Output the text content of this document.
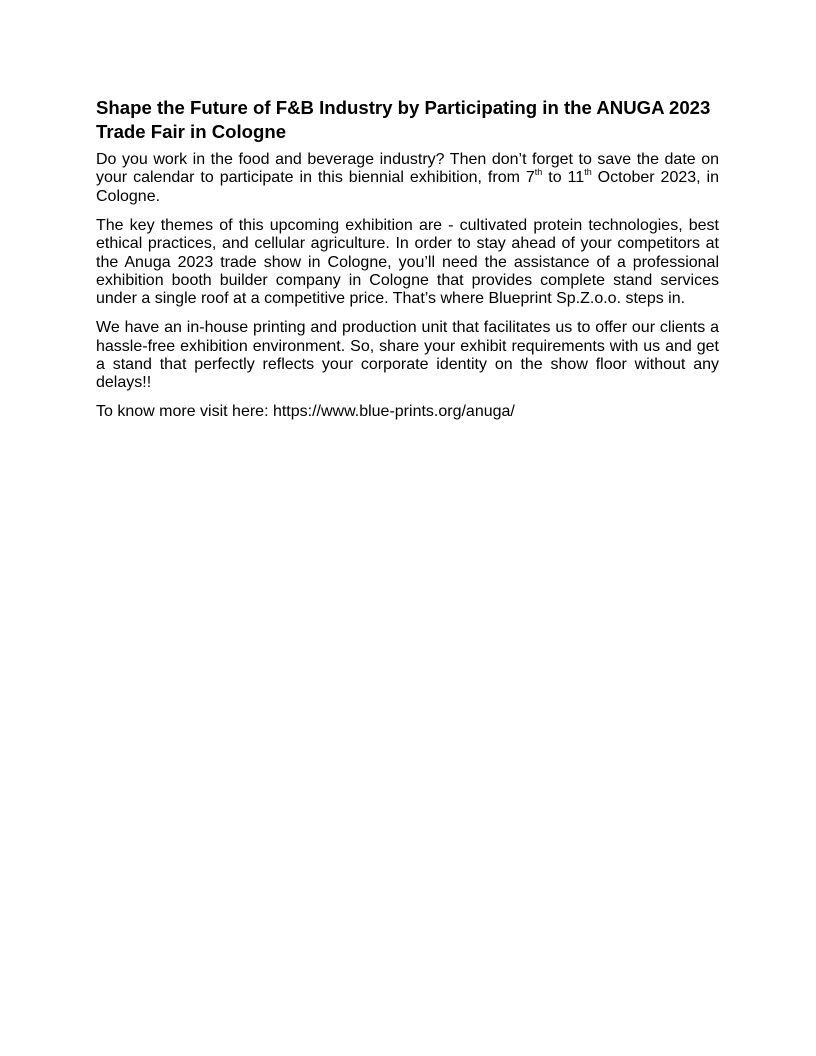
Shape the Future of F&B Industry by Participating in the ANUGA 2023 Trade Fair in Cologne

Do you work in the food and beverage industry? Then don’t forget to save the date on your calendar to participate in this biennial exhibition, from 7th to 11th October 2023, in Cologne.

The key themes of this upcoming exhibition are - cultivated protein technologies, best ethical practices, and cellular agriculture. In order to stay ahead of your competitors at the Anuga 2023 trade show in Cologne, you’ll need the assistance of a professional exhibition booth builder company in Cologne that provides complete stand services under a single roof at a competitive price. That’s where Blueprint Sp.Z.o.o. steps in.

We have an in-house printing and production unit that facilitates us to offer our clients a hassle-free exhibition environment. So, share your exhibit requirements with us and get a stand that perfectly reflects your corporate identity on the show floor without any delays!!

To know more visit here: https://www.blue-prints.org/anuga/
